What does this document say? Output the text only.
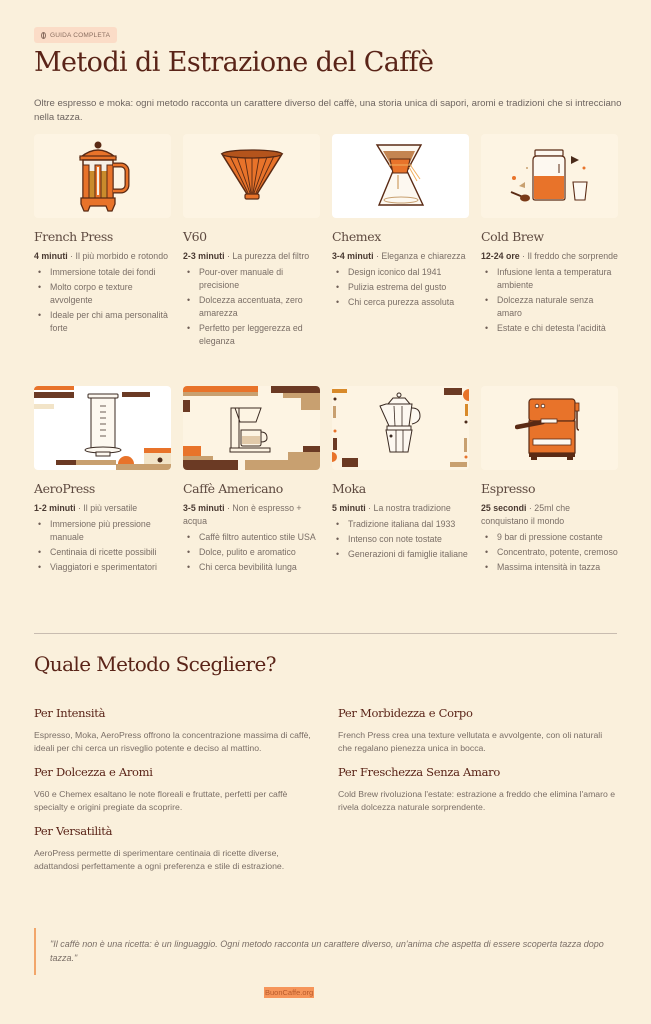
GUIDA COMPLETA
Metodi di Estrazione del Caffè

Oltre espresso e moka: ogni metodo racconta un carattere diverso del caffè, una storia unica di sapori, aromi e tradizioni che si intrecciano nella tazza.

French Press

4 minuti · Il più morbido e rotondo

• Immersione totale dei fondi
• Molto corpo e texture avvolgente
• Ideale per chi ama personalità forte
V60

2-3 minuti · La purezza del filtro

• Pour-over manuale di precisione
• Dolcezza accentuata, zero amarezza
• Perfetto per leggerezza ed eleganza
Chemex

3-4 minuti · Eleganza e chiarezza

• Design iconico dal 1941
• Pulizia estrema del gusto
• Chi cerca purezza assoluta
Cold Brew

12-24 ore · Il freddo che sorprende

• Infusione lenta a temperatura ambiente
• Dolcezza naturale senza amaro
• Estate e chi detesta l'acidità
AeroPress

1-2 minuti · Il più versatile

• Immersione più pressione manuale
• Centinaia di ricette possibili
• Viaggiatori e sperimentatori
Caffè Americano

3-5 minuti · Non è espresso + acqua

• Caffè filtro autentico stile USA
• Dolce, pulito e aromatico
• Chi cerca bevibilità lunga
Moka

5 minuti · La nostra tradizione

• Tradizione italiana dal 1933
• Intenso con note tostate
• Generazioni di famiglie italiane
Espresso

25 secondi · 25ml che conquistano il mondo

• 9 bar di pressione costante
• Concentrato, potente, cremoso
• Massima intensità in tazza
Quale Metodo Scegliere?
Per Intensità

Espresso, Moka, AeroPress offrono la concentrazione massima di caffè, ideali per chi cerca un risveglio potente e deciso al mattino.

Per Dolcezza e Aromi

V60 e Chemex esaltano le note floreali e fruttate, perfetti per caffè specialty e origini pregiate da scoprire.

Per Versatilità

AeroPress permette di sperimentare centinaia di ricette diverse, adattandosi perfettamente a ogni preferenza e stile di estrazione.

Per Morbidezza e Corpo

French Press crea una texture vellutata e avvolgente, con oli naturali che regalano pienezza unica in bocca.

Per Freschezza Senza Amaro

Cold Brew rivoluziona l'estate: estrazione a freddo che elimina l'amaro e rivela dolcezza naturale sorprendente.

"Il caffè non è una ricetta: è un linguaggio. Ogni metodo racconta un carattere diverso, un'anima che aspetta di essere scoperta tazza dopo tazza."
BuonCaffe.org
